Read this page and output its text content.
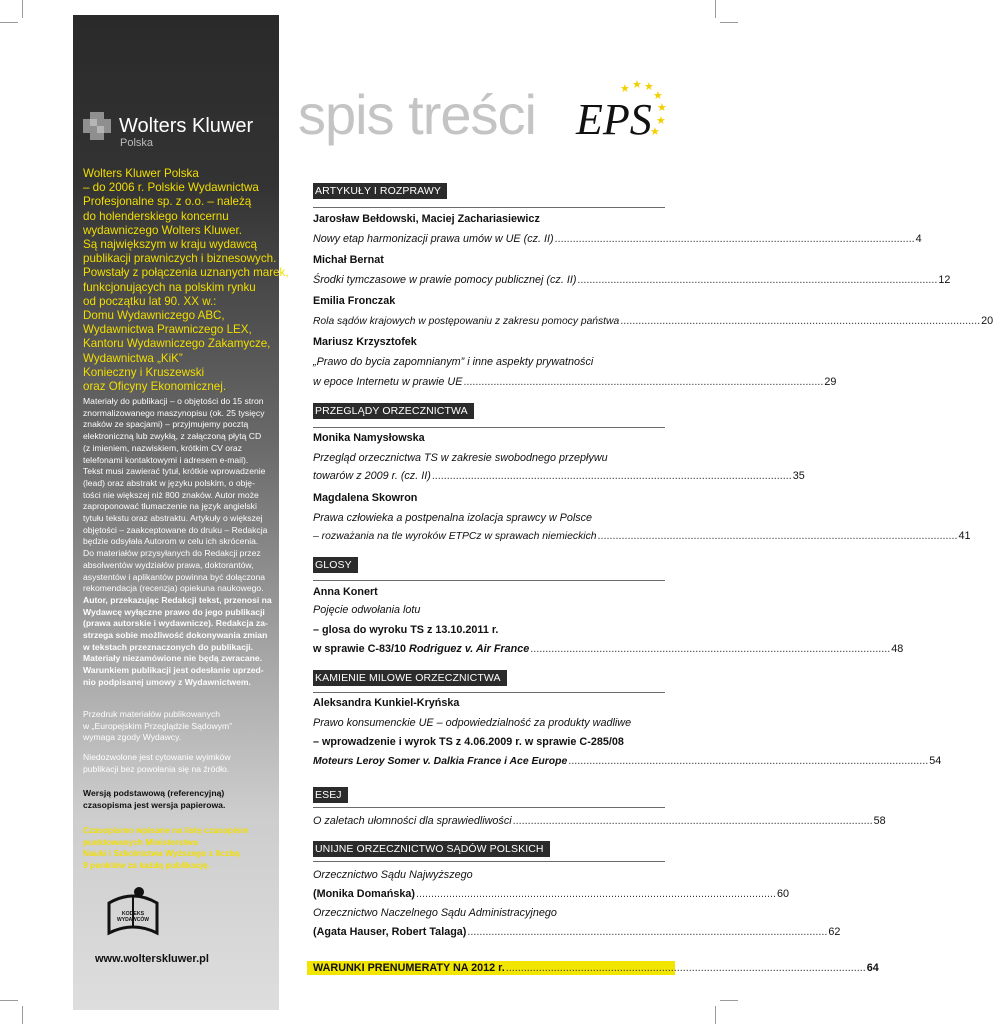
Wolters Kluwer
Polska
Wolters Kluwer Polska
– do 2006 r. Polskie Wydawnictwa
Profesjonalne sp. z o.o. – należą
do holenderskiego koncernu
wydawniczego Wolters Kluwer.
Są największym w kraju wydawcą
publikacji prawniczych i biznesowych.
Powstały z połączenia uznanych marek,
funkcjonujących na polskim rynku
od początku lat 90. XX w.:
Domu Wydawniczego ABC,
Wydawnictwa Prawniczego LEX,
Kantoru Wydawniczego Zakamycze,
Wydawnictwa „KiK”
Konieczny i Kruszewski
oraz Oficyny Ekonomicznej.
Materiały do publikacji – o objętości do 15 stron
znormalizowanego maszynopisu (ok. 25 tysięcy
znaków ze spacjami) – przyjmujemy pocztą
elektroniczną lub zwykłą, z załączoną płytą CD
(z imieniem, nazwiskiem, krótkim CV oraz
telefonami kontaktowymi i adresem e-mail).
Tekst musi zawierać tytuł, krótkie wprowadzenie
(lead) oraz abstrakt w języku polskim, o obję-
tości nie większej niż 800 znaków. Autor może
zaproponować tłumaczenie na język angielski
tytułu tekstu oraz abstraktu. Artykuły o większej
objętości – zaakceptowane do druku – Redakcja
będzie odsyłała Autorom w celu ich skrócenia.
Do materiałów przysyłanych do Redakcji przez
absolwentów wydziałów prawa, doktorantów,
asystentów i aplikantów powinna być dołączona
rekomendacja (recenzja) opiekuna naukowego.
Autor, przekazując Redakcji tekst, przenosi na
Wydawcę wyłączne prawo do jego publikacji
(prawa autorskie i wydawnicze). Redakcja za-
strzega sobie możliwość dokonywania zmian
w tekstach przeznaczonych do publikacji.
Materiały niezamówione nie będą zwracane.
Warunkiem publikacji jest odesłanie uprzed-
nio podpisanej umowy z Wydawnictwem.
Przedruk materiałów publikowanych
w „Europejskim Przeglądzie Sądowym”
wymaga zgody Wydawcy.
Niedozwolone jest cytowanie wyimków
publikacji bez powołania się na źródło.
Wersją podstawową (referencyjną)
czasopisma jest wersja papierowa.
Czasopismo wpisane na listę czasopism
punktowanych Ministerstwa
Nauki i Szkolnictwa Wyższego z liczbą
9 punktów za każdą publikację.
KODEKS
WYDAWCÓW
www.wolterskluwer.pl
spis treści	★ ★ ★
★
★
★
★
EPS
ARTYKUŁY I ROZPRAWY
Jarosław Bełdowski, Maciej Zachariasiewicz
Nowy etap harmonizacji prawa umów w UE (cz. II) ........................................................................................................................ 4
Michał Bernat
Środki tymczasowe w prawie pomocy publicznej (cz. II) ........................................................................................................................ 12
Emilia Fronczak
Rola sądów krajowych w postępowaniu z zakresu pomocy państwa ........................................................................................................................ 20
Mariusz Krzysztofek
„Prawo do bycia zapomnianym” i inne aspekty prywatności
w epoce Internetu w prawie UE ........................................................................................................................ 29
PRZEGLĄDY ORZECZNICTWA
Monika Namysłowska
Przegląd orzecznictwa TS w zakresie swobodnego przepływu
towarów z 2009 r. (cz. II) ........................................................................................................................ 35
Magdalena Skowron
Prawa człowieka a postpenalna izolacja sprawcy w Polsce
– rozważania na tle wyroków ETPCz w sprawach niemieckich ........................................................................................................................ 41
GLOSY
Anna Konert
Pojęcie odwołania lotu
– glosa do wyroku TS z 13.10.2011 r.
w sprawie C-83/10 Rodriguez v. Air France ........................................................................................................................ 48
KAMIENIE MILOWE ORZECZNICTWA
Aleksandra Kunkiel-Kryńska
Prawo konsumenckie UE – odpowiedzialność za produkty wadliwe
– wprowadzenie i wyrok TS z 4.06.2009 r. w sprawie C-285/08
Moteurs Leroy Somer v. Dalkia France i Ace Europe ........................................................................................................................ 54
ESEJ
O zaletach ułomności dla sprawiedliwości ........................................................................................................................ 58
UNIJNE ORZECZNICTWO SĄDÓW POLSKICH
Orzecznictwo Sądu Najwyższego
(Monika Domańska) ........................................................................................................................ 60
Orzecznictwo Naczelnego Sądu Administracyjnego
(Agata Hauser, Robert Talaga) ........................................................................................................................ 62
WARUNKI PRENUMERATY NA 2012 r. ........................................................................................................................ 64
